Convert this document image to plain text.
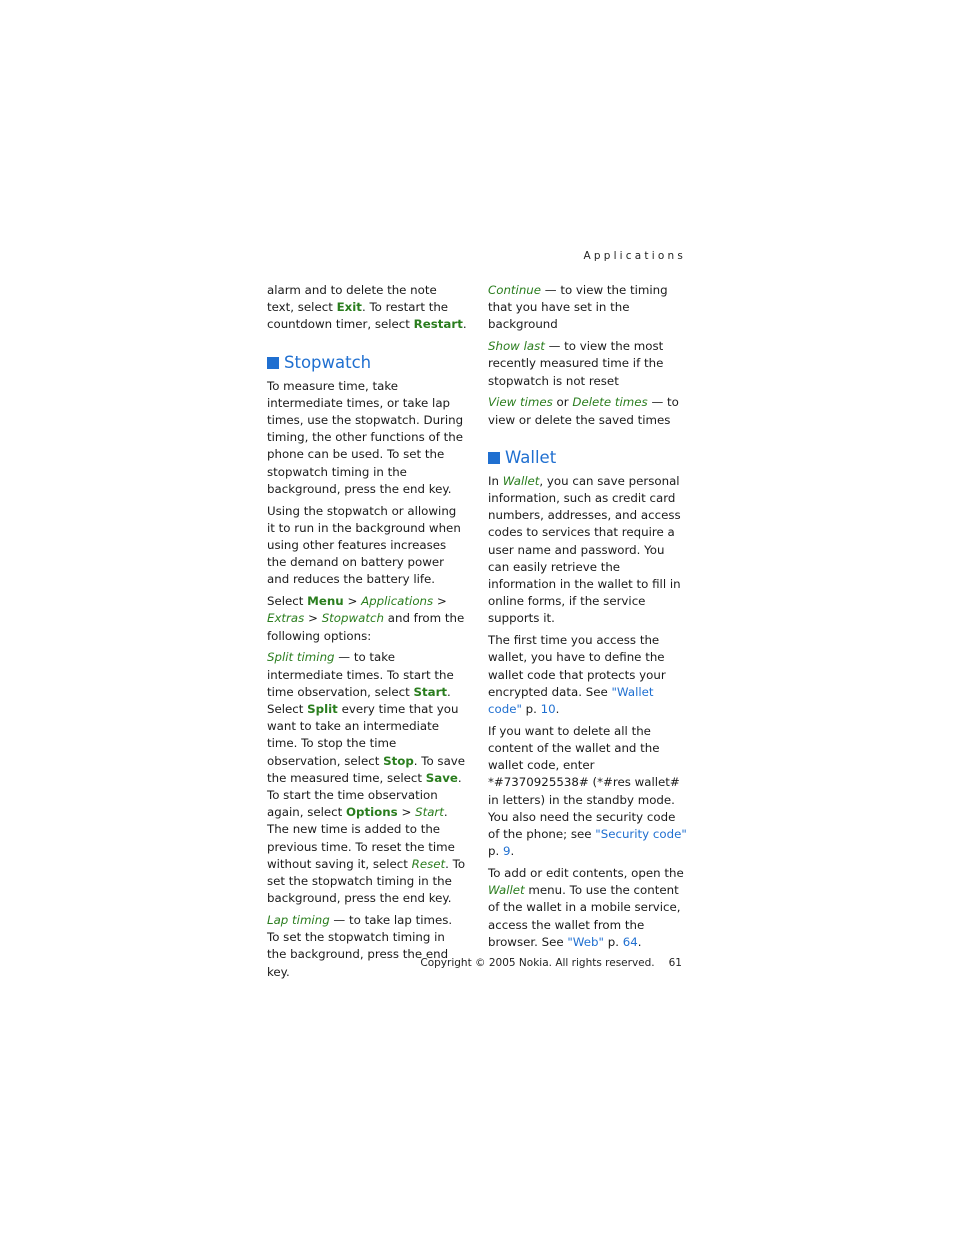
Applications

alarm and to delete the note text, select Exit. To restart the countdown timer, select Restart.

Stopwatch

To measure time, take intermediate times, or take lap times, use the stopwatch. During timing, the other functions of the phone can be used. To set the stopwatch timing in the background, press the end key.

Using the stopwatch or allowing it to run in the background when using other features increases the demand on battery power and reduces the battery life.

Select Menu > Applications > Extras > Stopwatch and from the following options:

Split timing — to take intermediate times. To start the time observation, select Start. Select Split every time that you want to take an intermediate time. To stop the time observation, select Stop. To save the measured time, select Save. To start the time observation again, select Options > Start. The new time is added to the previous time. To reset the time without saving it, select Reset. To set the stopwatch timing in the background, press the end key.

Lap timing — to take lap times. To set the stopwatch timing in the background, press the end key.

Continue — to view the timing that you have set in the background

Show last — to view the most recently measured time if the stopwatch is not reset

View times or Delete times — to view or delete the saved times

Wallet

In Wallet, you can save personal information, such as credit card numbers, addresses, and access codes to services that require a user name and password. You can easily retrieve the information in the wallet to fill in online forms, if the service supports it.

The first time you access the wallet, you have to define the wallet code that protects your encrypted data. See "Wallet code" p. 10.

If you want to delete all the content of the wallet and the wallet code, enter *#7370925538# (*#res wallet# in letters) in the standby mode. You also need the security code of the phone; see "Security code" p. 9.

To add or edit contents, open the Wallet menu. To use the content of the wallet in a mobile service, access the wallet from the browser. See "Web" p. 64.

Copyright © 2005 Nokia. All rights reserved. 61
